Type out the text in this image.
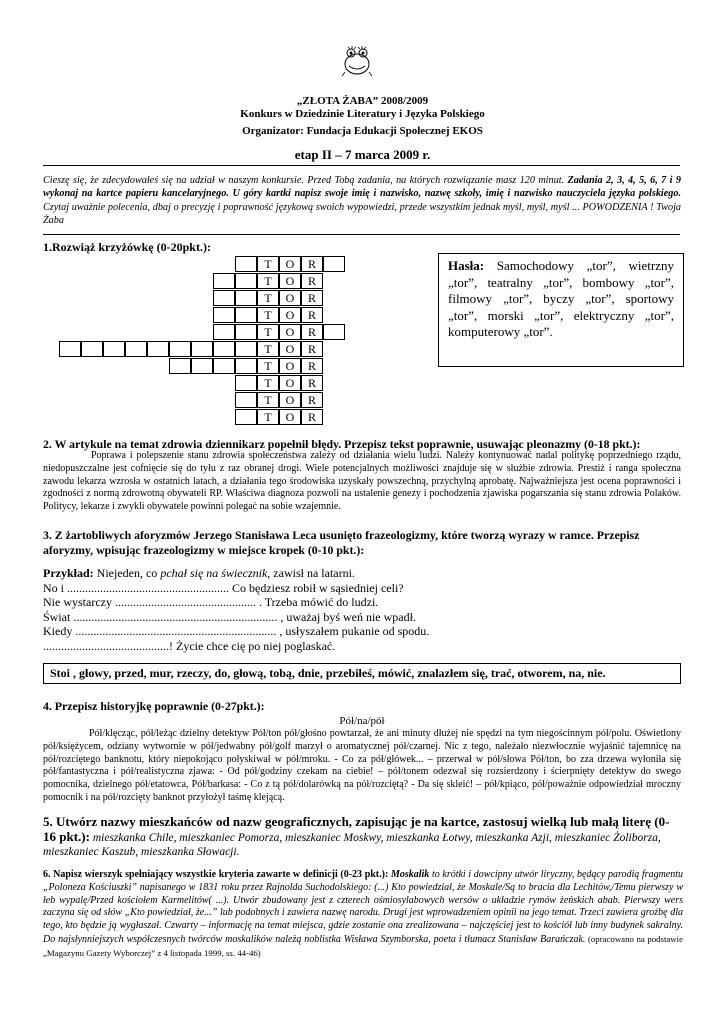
„ZŁOTA ŻABA” 2008/2009
Konkurs w Dziedzinie Literatury i Języka Polskiego
Organizator: Fundacja Edukacji Społecznej EKOS
etap II – 7 marca 2009 r.
Cieszę się, że zdecydowałeś się na udział w naszym konkursie. Przed Tobą zadania, na których rozwiązanie masz 120 minut. Zadania 2, 3, 4, 5, 6, 7 i 9 wykonaj na kartce papieru kancelaryjnego. U góry kartki napisz swoje imię i nazwisko, nazwę szkoły, imię i nazwisko nauczyciela języka polskiego. Czytaj uważnie polecenia, dbaj o precyzję i poprawność językową swoich wypowiedzi, przede wszystkim jednak myśl, myśl, myśl ... POWODZENIA ! Twoja Żaba
1.Rozwiąż krzyżówkę (0-20pkt.):
T	O	R
T	O	R
T	O	R
T	O	R
T	O	R
T	O	R
T	O	R
T	O	R
T	O	R
T	O	R
Hasła: Samochodowy „tor”, wietrzny „tor”, teatralny „tor”, bombowy „tor”, filmowy „tor”, byczy „tor”, sportowy „tor”, morski „tor”, elektryczny „tor”, komputerowy „tor”.
2. W artykule na temat zdrowia dziennikarz popełnił błędy. Przepisz tekst poprawnie, usuwając pleonazmy (0-18 pkt.):
Poprawa i polepszenie stanu zdrowia społeczeństwa zależy od działania wielu ludzi. Należy kontynuować nadal politykę poprzedniego rządu, niedopuszczalne jest cofnięcie się do tyłu z raz obranej drogi. Wiele potencjalnych możliwości znajduje się w służbie zdrowia. Prestiż i ranga społeczna zawodu lekarza wzrosła w ostatnich latach, a działania tego środowiska uzyskały powszechną, przychylną aprobatę. Najważniejsza jest ocena poprawności i zgodności z normą zdrowotną obywateli RP. Właściwa diagnoza pozwoli na ustalenie genezy i pochodzenia zjawiska pogarszania się stanu zdrowia Polaków. Politycy, lekarze i zwykli obywatele powinni polegać na sobie wzajemnie.
3. Z żartobliwych aforyzmów Jerzego Stanisława Leca usunięto frazeologizmy, które tworzą wyrazy w ramce. Przepisz aforyzmy, wpisując frazeologizmy w miejsce kropek (0-10 pkt.):
Przykład: Niejeden, co pchał się na świecznik, zawisł na latarni.
No i ...................................................... Co będziesz robił w sąsiedniej celi?
Nie wystarczy ............................................... . Trzeba mówić do ludzi.
Świat .................................................................... , uważaj byś weń nie wpadł.
Kiedy ................................................................... , usłyszałem pukanie od spodu.
..........................................! Życie chce cię po niej poglaskać.
Stoi , głowy, przed, mur, rzeczy, do, głową, tobą, dnie, przebiłeś, mówić, znalazłem się, trać, otworem, na, nie.
4. Przepisz historyjkę poprawnie (0-27pkt.):
Pół/na/pół
Pół/klęcząc, pół/leżąc dzielny detektyw Pół/ton pół/głośno powtarzał, że ani minuty dłużej nie spędzi na tym niegościnnym pół/polu. Oświetlony pół/księżycem, odziany wytwornie w pół/jedwabny pół/golf marzył o aromatycznej pół/czarnej. Nic z tego, należało niezwłocznie wyjaśnić tajemnicę na pół/rozciętego banknotu, który niepokojąco połyskiwał w pół/mroku. - Co za pół/główek... – przerwał w pół/słowa Pół/ton, bo zza drzewa wyłoniła się pół/fantastyczna i pół/realistyczna zjawa: - Od pół/godziny czekam na ciebie! – pół/tonem odezwał się rozsierdzony i ścierpnięty detektyw do swego pomocnika, dzielnego pół/etatowca, Pół/barkasa: - Co z tą pół/dolarówką na pół/rozciętą? - Da się skleić! – pół/kpiąco, pół/poważnie odpowiedział mroczny pomocnik i na pół/rozcięty banknot przyłożył taśmę klejącą.
5. Utwórz nazwy mieszkańców od nazw geograficznych, zapisując je na kartce, zastosuj wielką lub małą literę (0-16 pkt.): mieszkanka Chile, mieszkaniec Pomorza, mieszkaniec Moskwy, mieszkanka Łotwy, mieszkanka Azji, mieszkaniec Żoliborza, mieszkaniec Kaszub, mieszkanka Słowacji.
6. Napisz wierszyk spełniający wszystkie kryteria zawarte w definicji (0-23 pkt.): Moskalik to krótki i dowcipny utwór liryczny, będący parodią fragmentu „Poloneza Kościuszki” napisanego w 1831 roku przez Rajnolda Suchodolskiego: (...) Kto powiedział, że Moskale/Są to bracia dla Lechitów,/Temu pierwszy w łeb wypalę/Przed kościołem Karmelitów( ...). Utwór zbudowany jest z czterech ośmiosylabowych wersów o układzie rymów żeńskich abab. Pierwszy wers zaczyna się od słów „Kto powiedział, że...” lub podobnych i zawiera nazwę narodu. Drugi jest wprowadzeniem opinii na jego temat. Trzeci zawiera groźbę dla tego, kto będzie ją wygłaszał. Czwarty – informację na temat miejsca, gdzie zostanie ona zrealizowana – najczęściej jest to kościół lub inny budynek sakralny. Do najsłynniejszych współczesnych twórców moskalików należą noblistka Wisława Szymborska, poeta i tłumacz Stanisław Barańczak. (opracowano na podstawie „Magazynu Gazety Wyborczej” z 4 listopada 1999, ss. 44-46)
